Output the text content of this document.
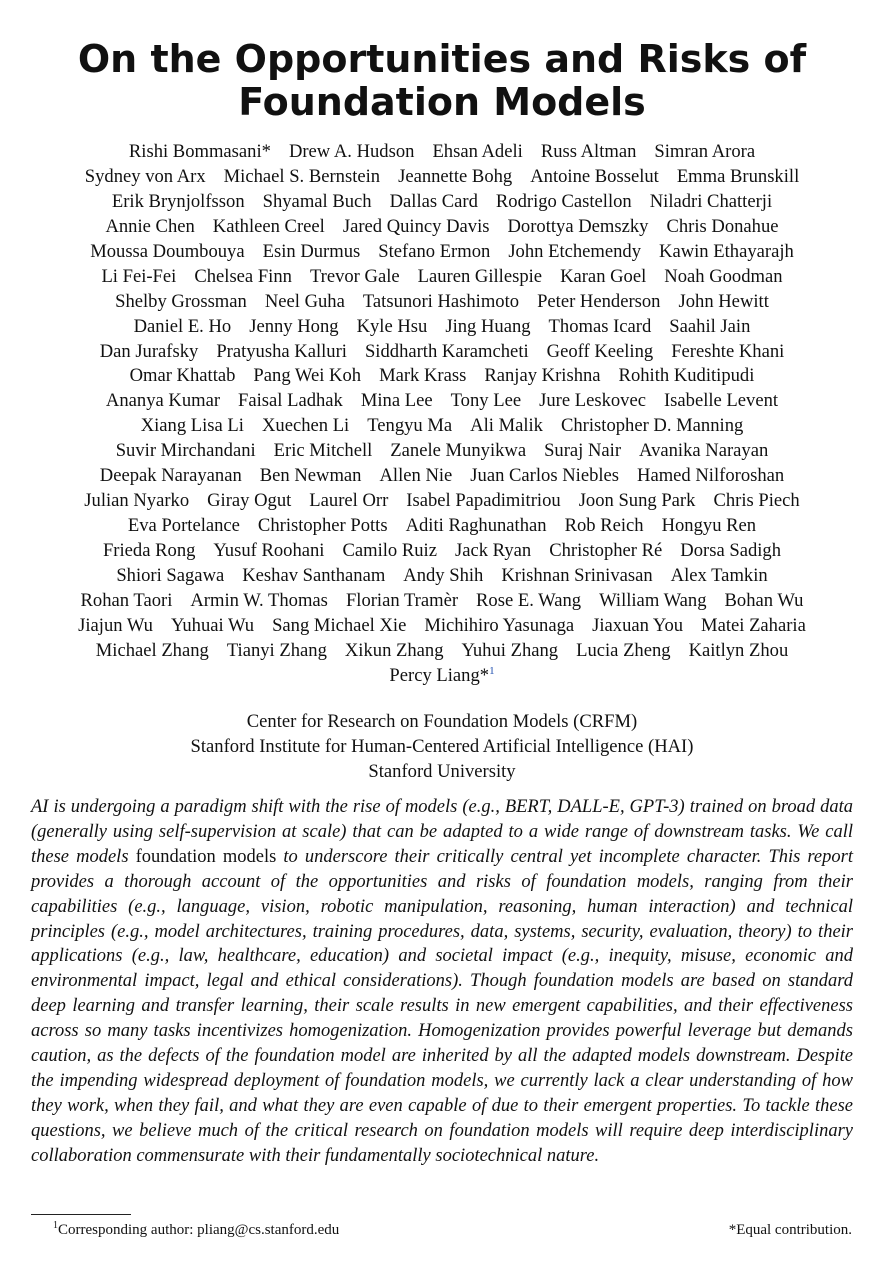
On the Opportunities and Risks of
Foundation Models
Rishi Bommasani* Drew A. Hudson Ehsan Adeli Russ Altman Simran Arora
Sydney von Arx Michael S. Bernstein Jeannette Bohg Antoine Bosselut Emma Brunskill
Erik Brynjolfsson Shyamal Buch Dallas Card Rodrigo Castellon Niladri Chatterji
Annie Chen Kathleen Creel Jared Quincy Davis Dorottya Demszky Chris Donahue
Moussa Doumbouya Esin Durmus Stefano Ermon John Etchemendy Kawin Ethayarajh
Li Fei-Fei Chelsea Finn Trevor Gale Lauren Gillespie Karan Goel Noah Goodman
Shelby Grossman Neel Guha Tatsunori Hashimoto Peter Henderson John Hewitt
Daniel E. Ho Jenny Hong Kyle Hsu Jing Huang Thomas Icard Saahil Jain
Dan Jurafsky Pratyusha Kalluri Siddharth Karamcheti Geoff Keeling Fereshte Khani
Omar Khattab Pang Wei Koh Mark Krass Ranjay Krishna Rohith Kuditipudi
Ananya Kumar Faisal Ladhak Mina Lee Tony Lee Jure Leskovec Isabelle Levent
Xiang Lisa Li Xuechen Li Tengyu Ma Ali Malik Christopher D. Manning
Suvir Mirchandani Eric Mitchell Zanele Munyikwa Suraj Nair Avanika Narayan
Deepak Narayanan Ben Newman Allen Nie Juan Carlos Niebles Hamed Nilforoshan
Julian Nyarko Giray Ogut Laurel Orr Isabel Papadimitriou Joon Sung Park Chris Piech
Eva Portelance Christopher Potts Aditi Raghunathan Rob Reich Hongyu Ren
Frieda Rong Yusuf Roohani Camilo Ruiz Jack Ryan Christopher Ré Dorsa Sadigh
Shiori Sagawa Keshav Santhanam Andy Shih Krishnan Srinivasan Alex Tamkin
Rohan Taori Armin W. Thomas Florian Tramèr Rose E. Wang William Wang Bohan Wu
Jiajun Wu Yuhuai Wu Sang Michael Xie Michihiro Yasunaga Jiaxuan You Matei Zaharia
Michael Zhang Tianyi Zhang Xikun Zhang Yuhui Zhang Lucia Zheng Kaitlyn Zhou
Percy Liang*$^1$
Center for Research on Foundation Models (CRFM)
Stanford Institute for Human-Centered Artificial Intelligence (HAI)
Stanford University
AI is undergoing a paradigm shift with the rise of models (e.g., BERT, DALL-E, GPT-3) trained on broad data (generally using self-supervision at scale) that can be adapted to a wide range of downstream tasks. We call these models foundation models to underscore their critically central yet incomplete character. This report provides a thorough account of the opportunities and risks of foundation models, ranging from their capabilities (e.g., language, vision, robotic manipulation, reasoning, human interaction) and technical principles (e.g., model architectures, training procedures, data, systems, security, evaluation, theory) to their applications (e.g., law, healthcare, education) and societal impact (e.g., inequity, misuse, economic and environmental impact, legal and ethical considerations). Though foundation models are based on standard deep learning and transfer learning, their scale results in new emergent capabilities, and their effectiveness across so many tasks incentivizes homogenization. Homogenization provides powerful leverage but demands caution, as the defects of the foundation model are inherited by all the adapted models downstream. Despite the impending widespread deployment of foundation models, we currently lack a clear understanding of how they work, when they fail, and what they are even capable of due to their emergent properties. To tackle these questions, we believe much of the critical research on foundation models will require deep interdisciplinary collaboration commensurate with their fundamentally sociotechnical nature.
$^1$Corresponding author: pliang@cs.stanford.edu	*Equal contribution.
